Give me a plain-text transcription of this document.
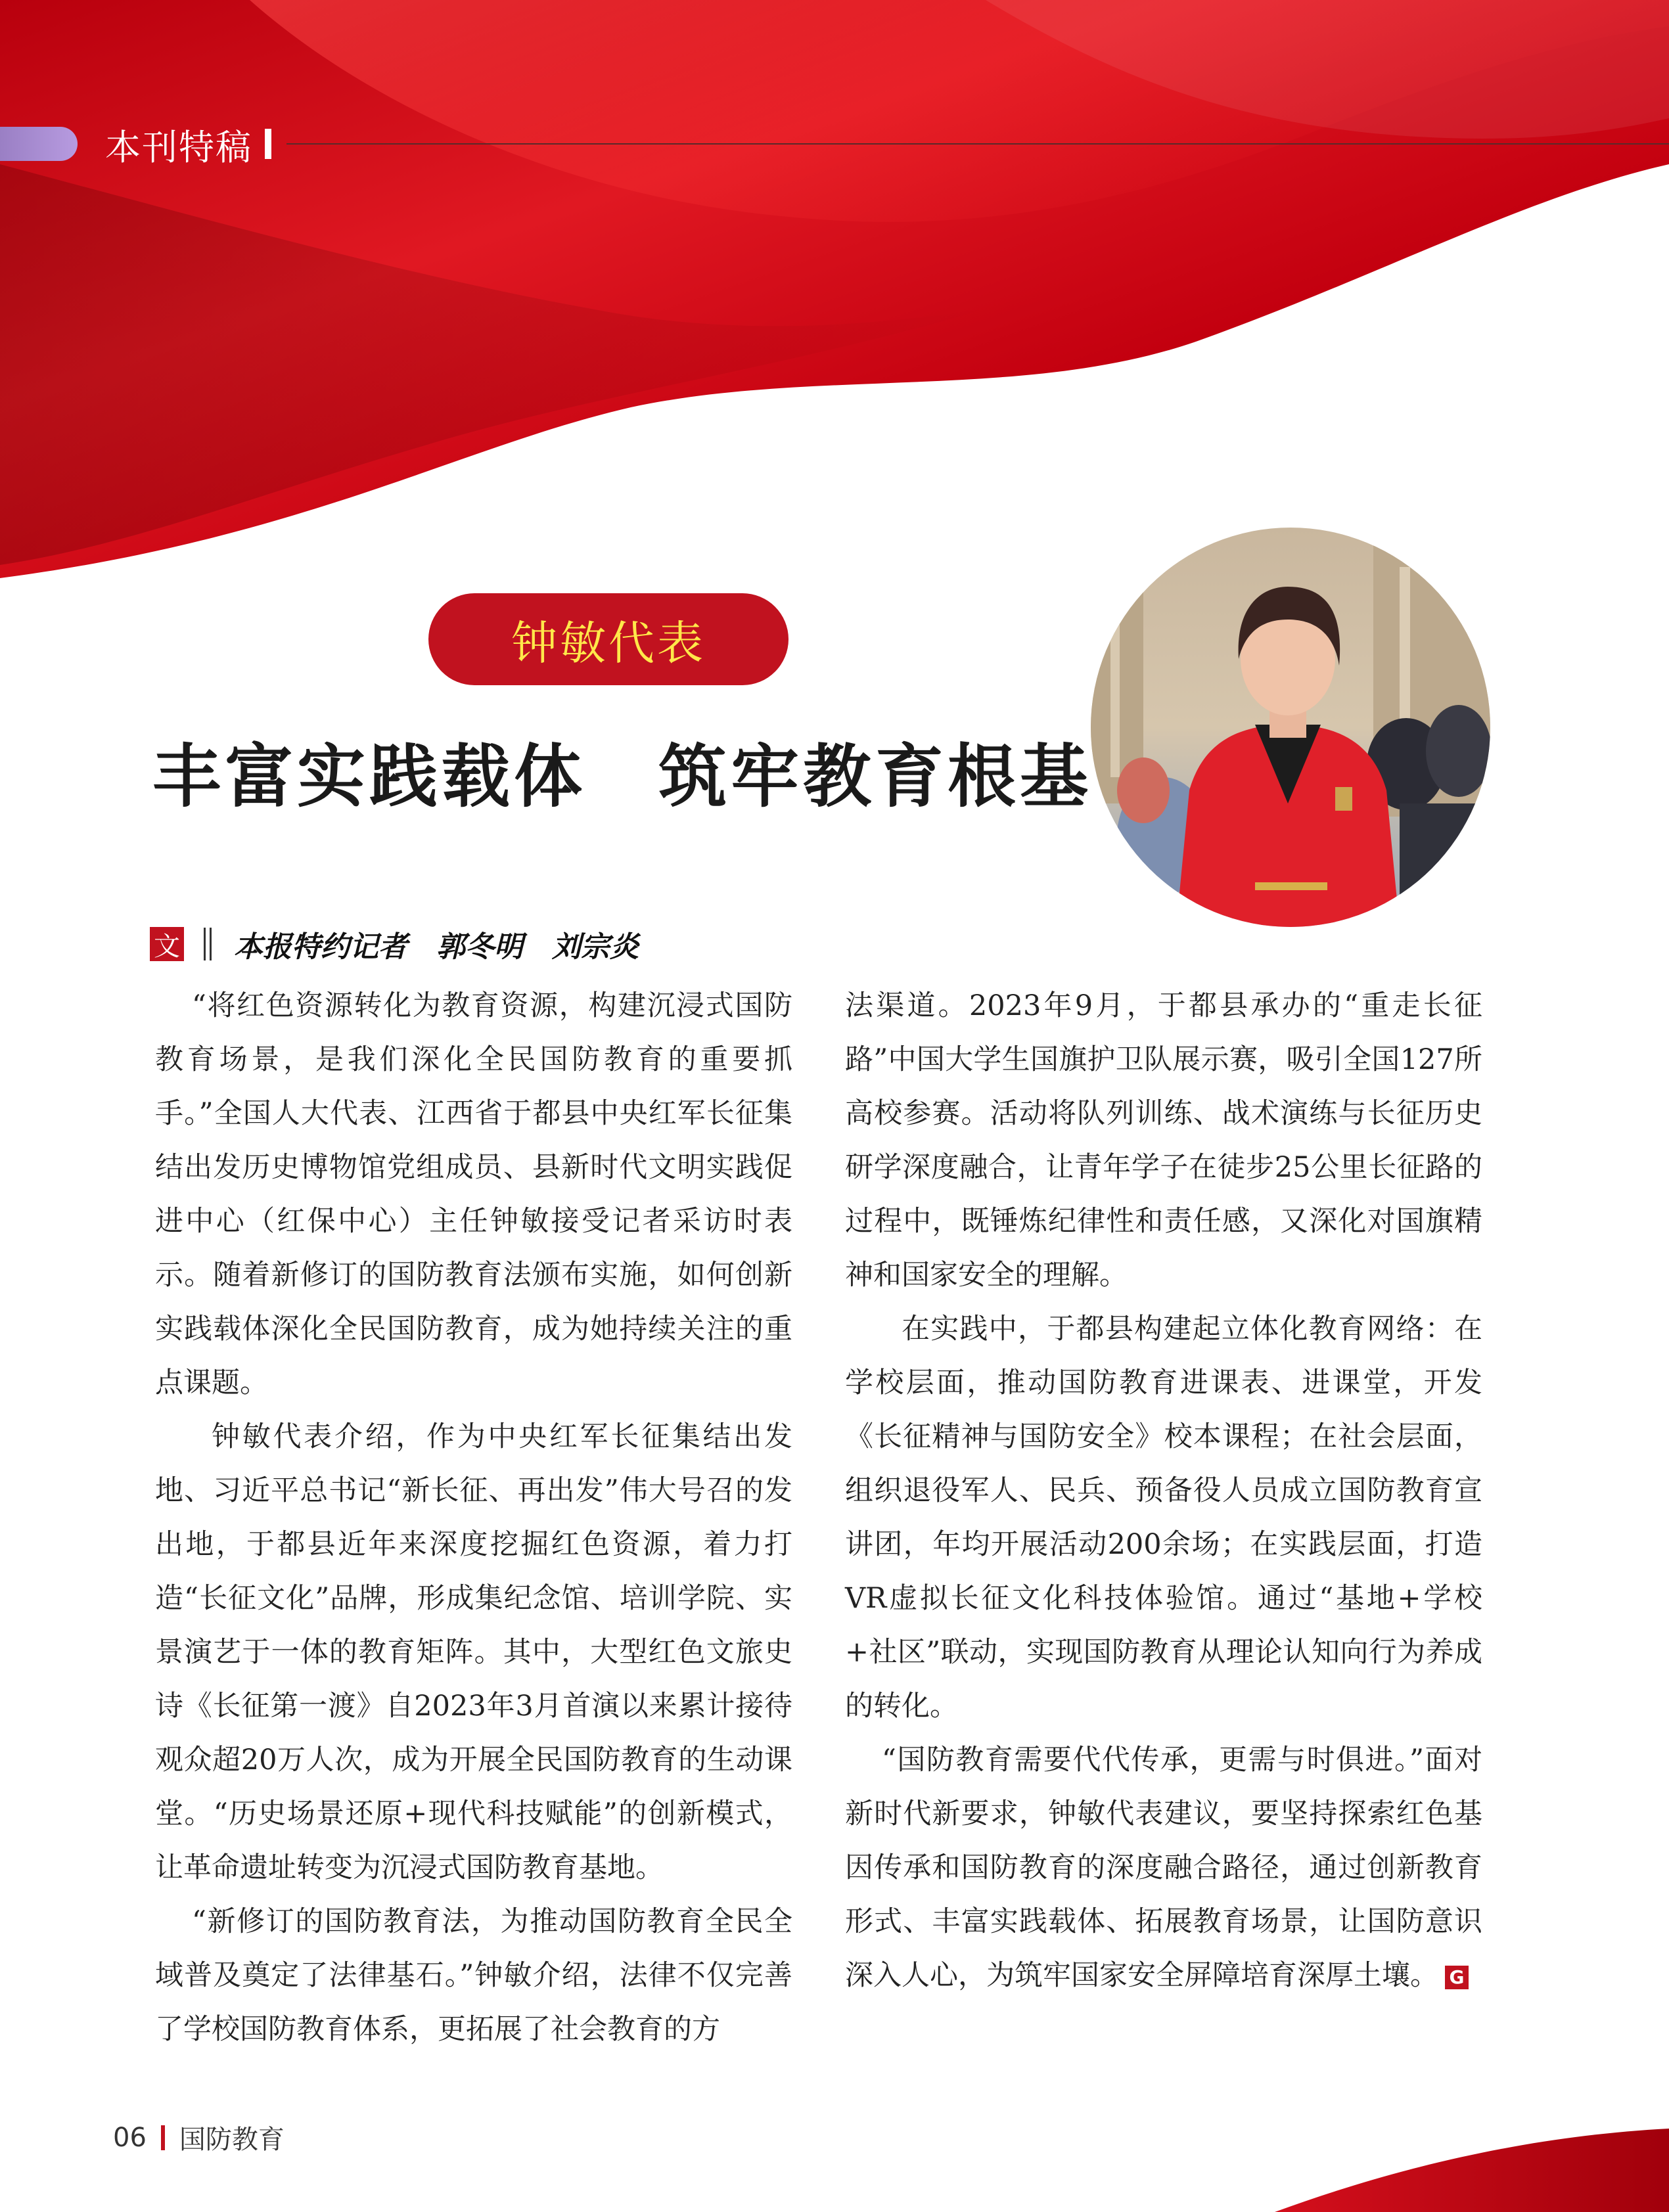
本刊特稿
钟敏代表
丰富实践载体　筑牢教育根基
文 本报特约记者　郭冬明　刘宗炎

“将红色资源转化为教育资源，构建沉浸式国防教育场景，是我们深化全民国防教育的重要抓手。”全国人大代表、江西省于都县中央红军长征集结出发历史博物馆党组成员、县新时代文明实践促进中心（红保中心）主任钟敏接受记者采访时表示。随着新修订的国防教育法颁布实施，如何创新实践载体深化全民国防教育，成为她持续关注的重点课题。

钟敏代表介绍，作为中央红军长征集结出发地、习近平总书记“新长征、再出发”伟大号召的发出地，于都县近年来深度挖掘红色资源，着力打造“长征文化”品牌，形成集纪念馆、培训学院、实景演艺于一体的教育矩阵。其中，大型红色文旅史诗《长征第一渡》自2023年3月首演以来累计接待观众超20万人次，成为开展全民国防教育的生动课堂。“历史场景还原+现代科技赋能”的创新模式，让革命遗址转变为沉浸式国防教育基地。

“新修订的国防教育法，为推动国防教育全民全域普及奠定了法律基石。”钟敏介绍，法律不仅完善了学校国防教育体系，更拓展了社会教育的方

法渠道。2023年9月，于都县承办的“重走长征路”中国大学生国旗护卫队展示赛，吸引全国127所高校参赛。活动将队列训练、战术演练与长征历史研学深度融合，让青年学子在徒步25公里长征路的过程中，既锤炼纪律性和责任感，又深化对国旗精神和国家安全的理解。

在实践中，于都县构建起立体化教育网络：在学校层面，推动国防教育进课表、进课堂，开发《长征精神与国防安全》校本课程；在社会层面，组织退役军人、民兵、预备役人员成立国防教育宣讲团，年均开展活动200余场；在实践层面，打造VR虚拟长征文化科技体验馆。通过“基地+学校+社区”联动，实现国防教育从理论认知向行为养成的转化。

“国防教育需要代代传承，更需与时俱进。”面对新时代新要求，钟敏代表建议，要坚持探索红色基因传承和国防教育的深度融合路径，通过创新教育形式、丰富实践载体、拓展教育场景，让国防意识深入人心，为筑牢国家安全屏障培育深厚土壤。 G

06 国防教育
